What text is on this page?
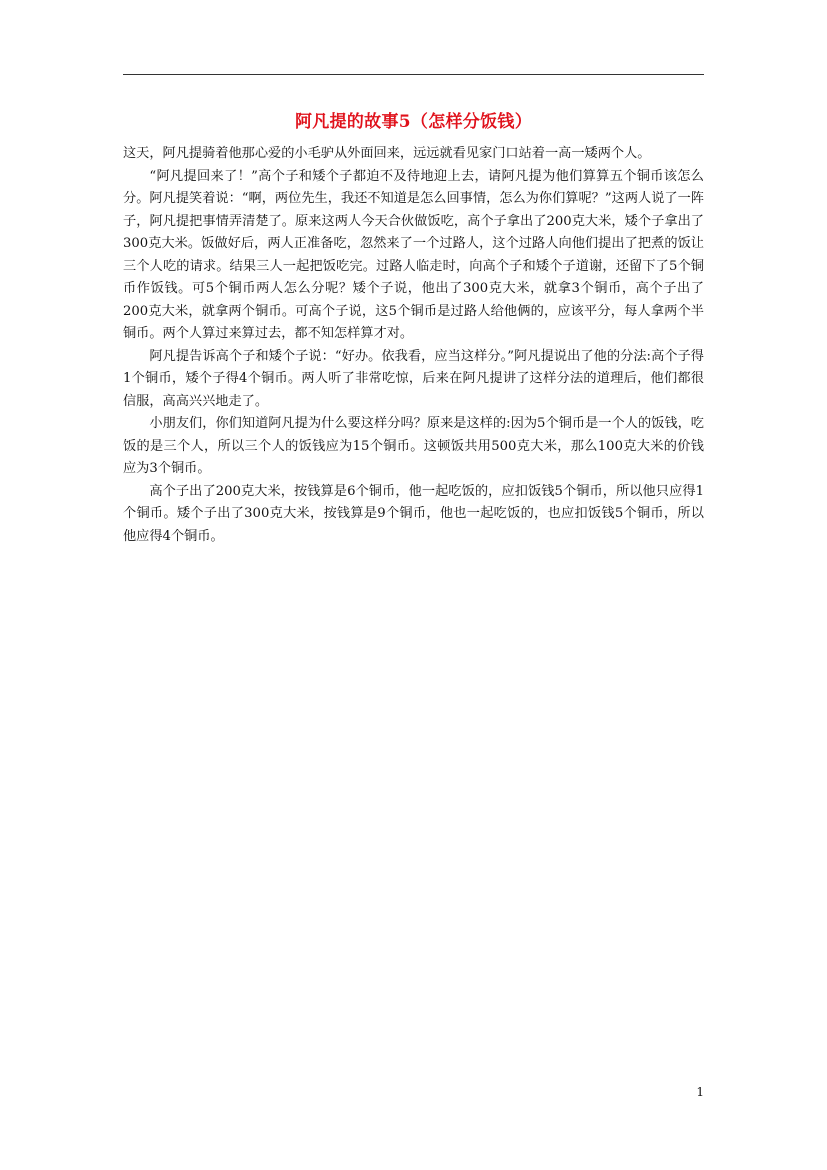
阿凡提的故事5（怎样分饭钱）

这天，阿凡提骑着他那心爱的小毛驴从外面回来，远远就看见家门口站着一高一矮两个人。

“阿凡提回来了！”高个子和矮个子都迫不及待地迎上去，请阿凡提为他们算算五个铜币该怎么分。阿凡提笑着说：“啊，两位先生，我还不知道是怎么回事情，怎么为你们算呢？”这两人说了一阵子，阿凡提把事情弄清楚了。原来这两人今天合伙做饭吃，高个子拿出了200克大米，矮个子拿出了300克大米。饭做好后，两人正准备吃，忽然来了一个过路人，这个过路人向他们提出了把煮的饭让三个人吃的请求。结果三人一起把饭吃完。过路人临走时，向高个子和矮个子道谢，还留下了5个铜币作饭钱。可5个铜币两人怎么分呢？矮个子说，他出了300克大米，就拿3个铜币，高个子出了200克大米，就拿两个铜币。可高个子说，这5个铜币是过路人给他俩的，应该平分，每人拿两个半铜币。两个人算过来算过去，都不知怎样算才对。

阿凡提告诉高个子和矮个子说：“好办。依我看，应当这样分。”阿凡提说出了他的分法:高个子得1个铜币，矮个子得4个铜币。两人听了非常吃惊，后来在阿凡提讲了这样分法的道理后，他们都很信服，高高兴兴地走了。

小朋友们，你们知道阿凡提为什么要这样分吗？原来是这样的:因为5个铜币是一个人的饭钱，吃饭的是三个人，所以三个人的饭钱应为15个铜币。这顿饭共用500克大米，那么100克大米的价钱应为3个铜币。

高个子出了200克大米，按钱算是6个铜币，他一起吃饭的，应扣饭钱5个铜币，所以他只应得1个铜币。矮个子出了300克大米，按钱算是9个铜币，他也一起吃饭的，也应扣饭钱5个铜币，所以他应得4个铜币。

1
